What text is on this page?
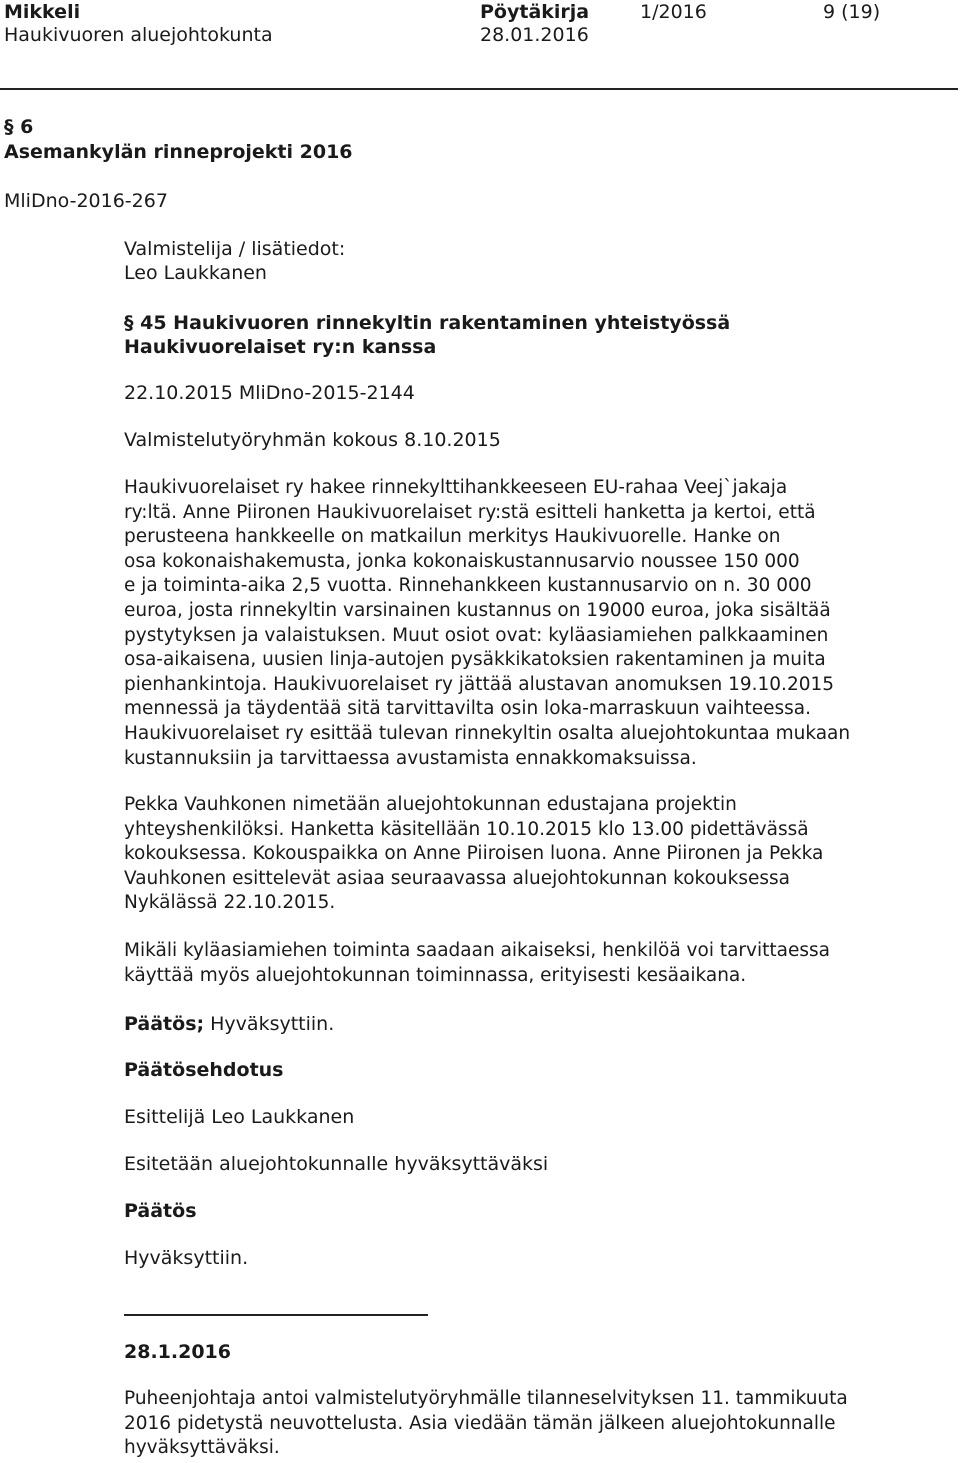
Mikkeli
Haukivuoren aluejohtokunta
Pöytäkirja
28.01.2016
1/2016	9 (19)
§ 6
Asemankylän rinneprojekti 2016
MliDno-2016-267
Valmistelija / lisätiedot:
Leo Laukkanen
§ 45 Haukivuoren rinnekyltin rakentaminen yhteistyössä
Haukivuorelaiset ry:n kanssa
22.10.2015 MliDno-2015-2144
Valmistelutyöryhmän kokous 8.10.2015

Haukivuorelaiset ry hakee rinnekylttihankkeeseen EU-rahaa Veej`jakaja

ry:ltä. Anne Piironen Haukivuorelaiset ry:stä esitteli hanketta ja kertoi, että

perusteena hankkeelle on matkailun merkitys Haukivuorelle. Hanke on

osa kokonaishakemusta, jonka kokonaiskustannusarvio noussee 150 000

e ja toiminta-aika 2,5 vuotta. Rinnehankkeen kustannusarvio on n. 30 000

euroa, josta rinnekyltin varsinainen kustannus on 19000 euroa, joka sisältää

pystytyksen ja valaistuksen. Muut osiot ovat: kyläasiamiehen palkkaaminen

osa-aikaisena, uusien linja-autojen pysäkkikatoksien rakentaminen ja muita

pienhankintoja. Haukivuorelaiset ry jättää alustavan anomuksen 19.10.2015

mennessä ja täydentää sitä tarvittavilta osin loka-marraskuun vaihteessa.

Haukivuorelaiset ry esittää tulevan rinnekyltin osalta aluejohtokuntaa mukaan

kustannuksiin ja tarvittaessa avustamista ennakkomaksuissa.

Pekka Vauhkonen nimetään aluejohtokunnan edustajana projektin

yhteyshenkilöksi. Hanketta käsitellään 10.10.2015 klo 13.00 pidettävässä

kokouksessa. Kokouspaikka on Anne Piiroisen luona. Anne Piironen ja Pekka

Vauhkonen esittelevät asiaa seuraavassa aluejohtokunnan kokouksessa

Nykälässä 22.10.2015.

Mikäli kyläasiamiehen toiminta saadaan aikaiseksi, henkilöä voi tarvittaessa

käyttää myös aluejohtokunnan toiminnassa, erityisesti kesäaikana.

Päätös; Hyväksyttiin.
Päätösehdotus
Esittelijä Leo Laukkanen
Esitetään aluejohtokunnalle hyväksyttäväksi
Päätös
Hyväksyttiin.
28.1.2016

Puheenjohtaja antoi valmistelutyöryhmälle tilanneselvityksen 11. tammikuuta

2016 pidetystä neuvottelusta. Asia viedään tämän jälkeen aluejohtokunnalle

hyväksyttäväksi.
